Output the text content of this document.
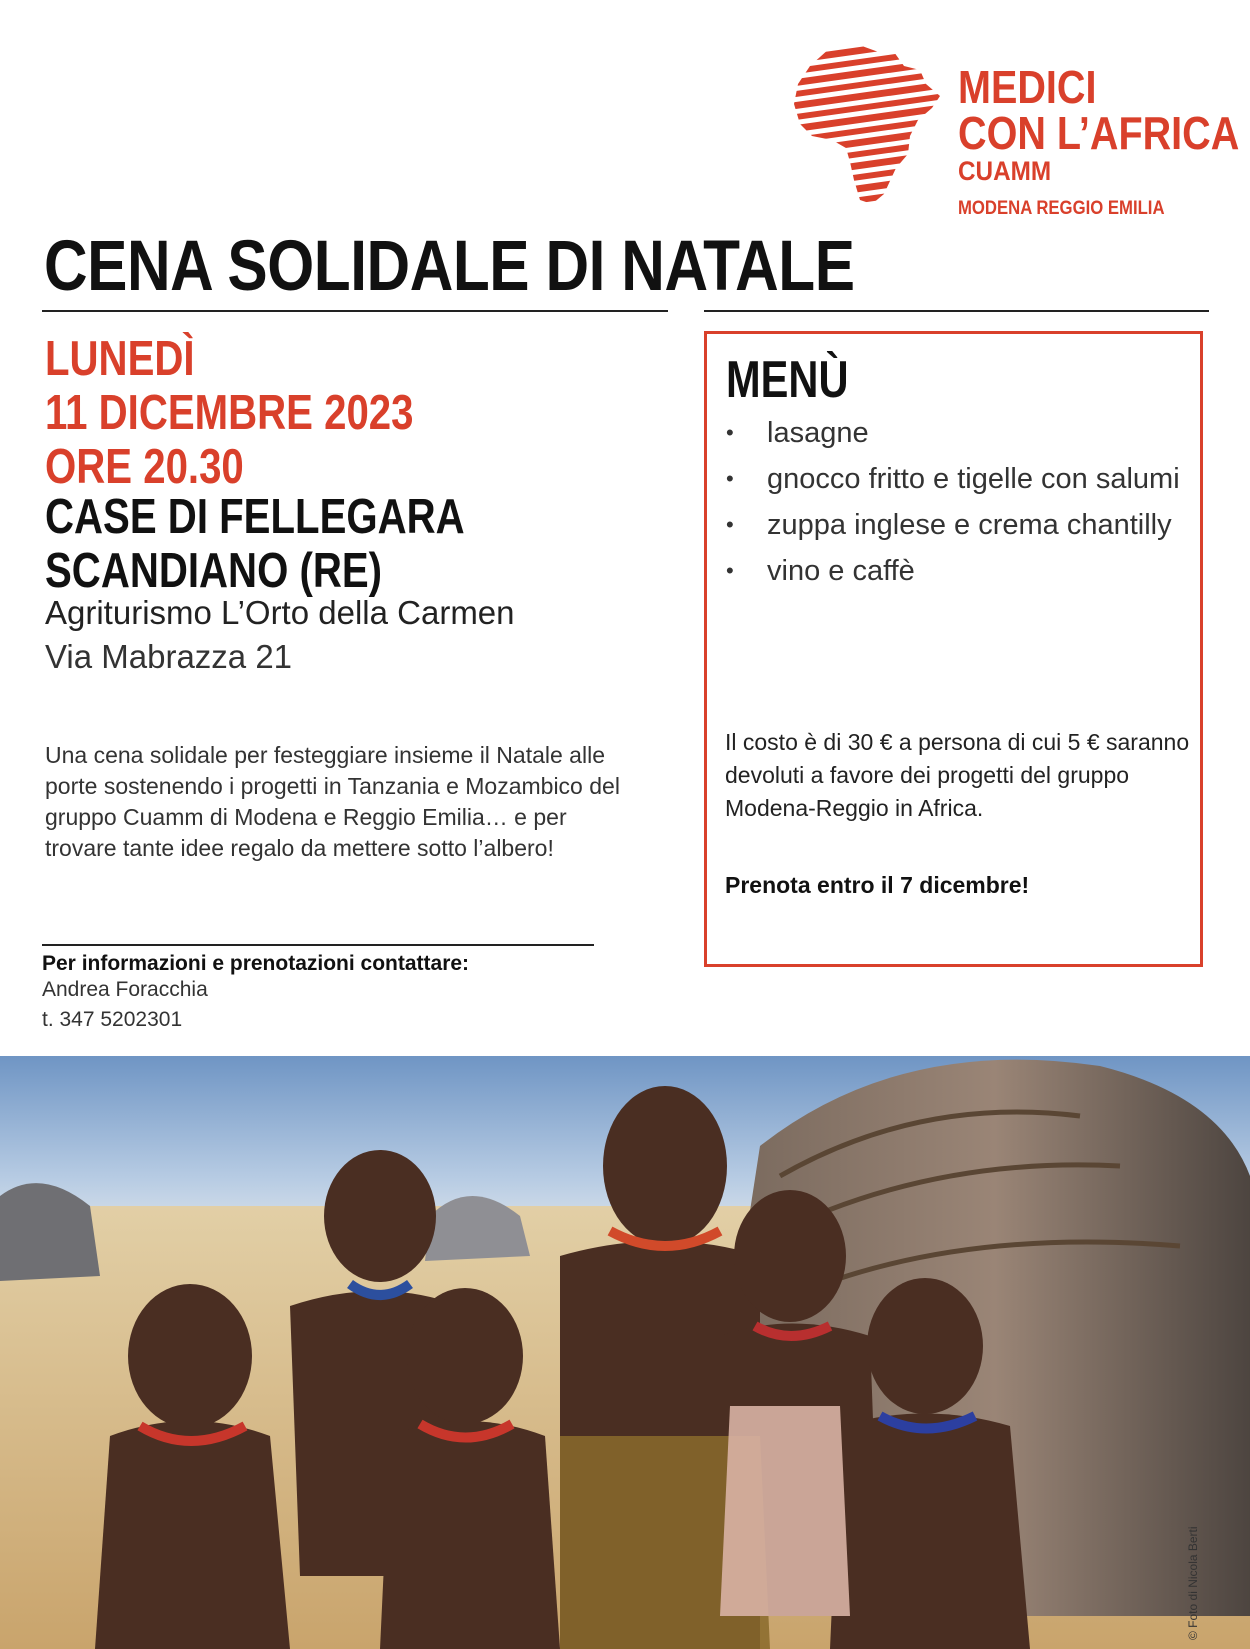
MEDICI
CON L’AFRICA
CUAMM
MODENA REGGIO EMILIA
CENA SOLIDALE DI NATALE
LUNEDÌ
11 DICEMBRE 2023
ORE 20.30
CASE DI FELLEGARA
SCANDIANO (RE)
Agriturismo L’Orto della Carmen
Via Mabrazza 21
Una cena solidale per festeggiare insieme il Natale alle porte sostenendo i progetti in Tanzania e Mozambico del gruppo Cuamm di Modena e Reggio Emilia… e per trovare tante idee regalo da mettere sotto l’albero!
Per informazioni e prenotazioni contattare:
Andrea Foracchia
t. 347 5202301
MENÙ
• lasagne
• gnocco fritto e tigelle con salumi
• zuppa inglese e crema chantilly
• vino e caffè
Il costo è di 30 € a persona di cui 5 € saranno devoluti a favore dei progetti del gruppo Modena-Reggio in Africa.
Prenota entro il 7 dicembre!
© Foto di Nicola Berti
